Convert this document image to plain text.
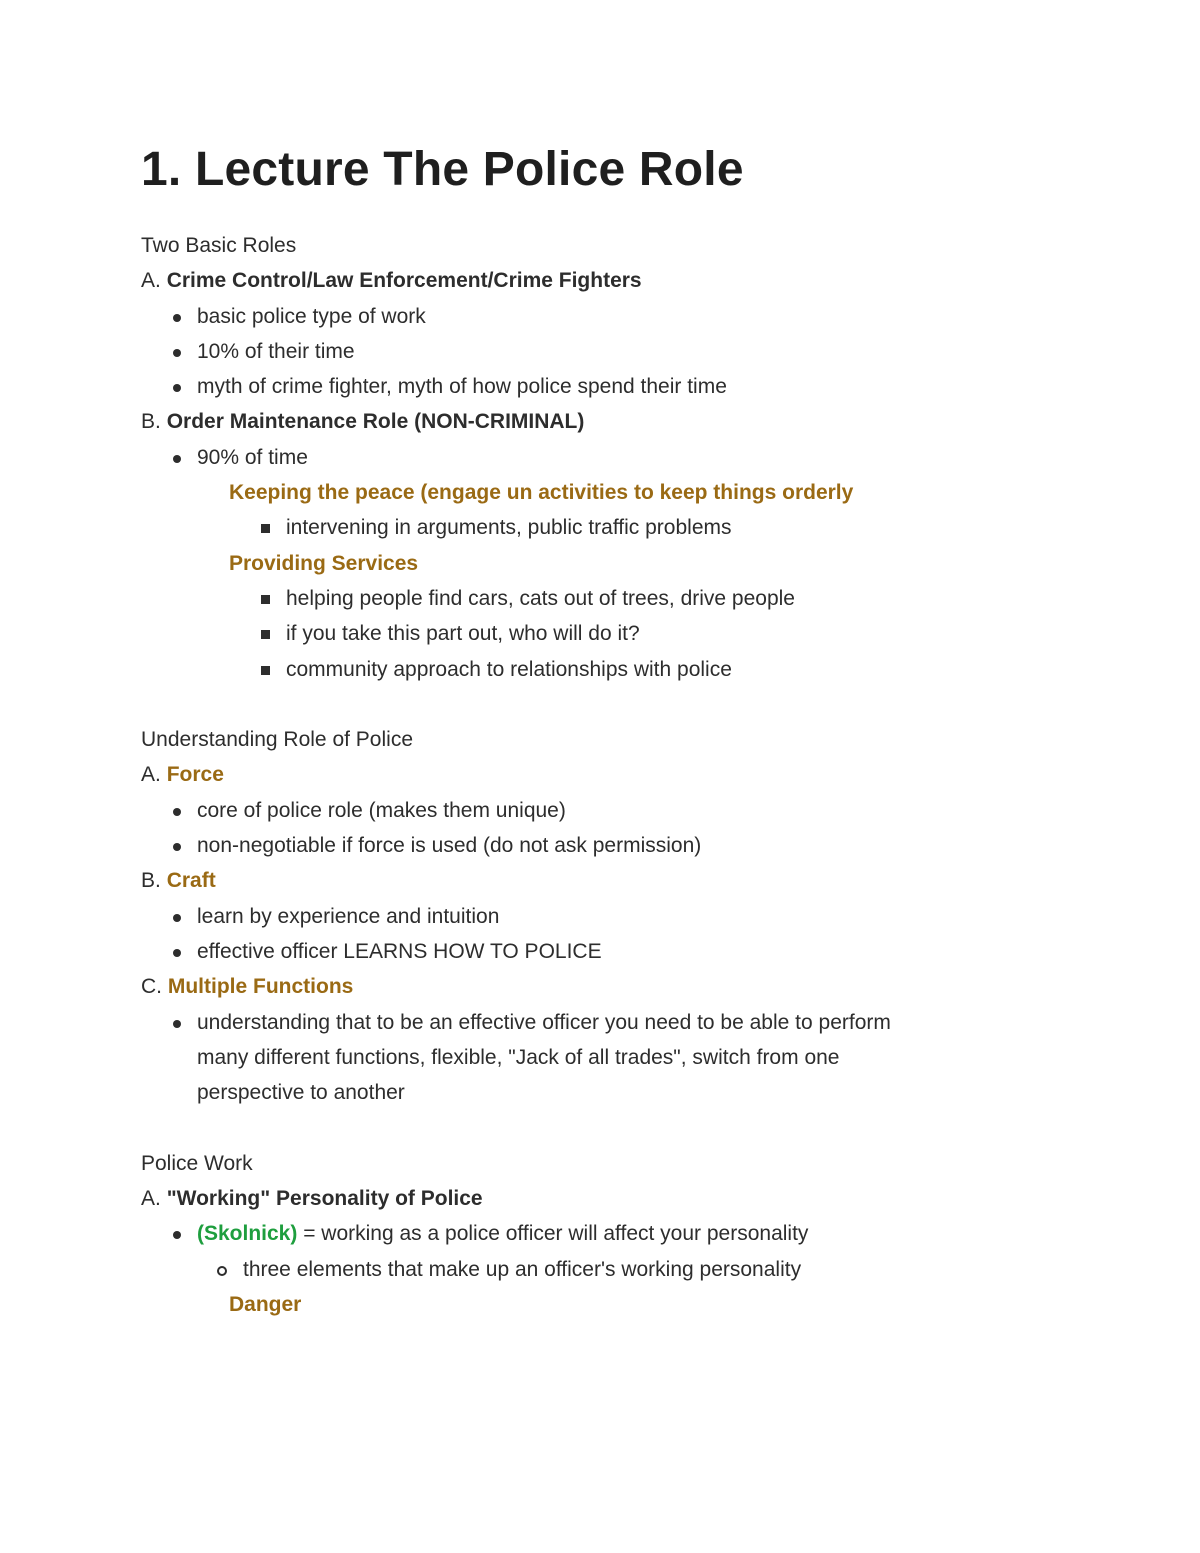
1. Lecture The Police Role
Two Basic Roles
A. Crime Control/Law Enforcement/Crime Fighters
basic police type of work
10% of their time
myth of crime fighter, myth of how police spend their time
B. Order Maintenance Role (NON-CRIMINAL)
90% of time
Keeping the peace (engage un activities to keep things orderly
intervening in arguments, public traffic problems
Providing Services
helping people find cars, cats out of trees, drive people
if you take this part out, who will do it?
community approach to relationships with police
Understanding Role of Police
A. Force
core of police role (makes them unique)
non-negotiable if force is used (do not ask permission)
B. Craft
learn by experience and intuition
effective officer LEARNS HOW TO POLICE
C. Multiple Functions
understanding that to be an effective officer you need to be able to perform
many different functions, flexible, "Jack of all trades", switch from one
perspective to another
Police Work
A. "Working" Personality of Police
(Skolnick) = working as a police officer will affect your personality
three elements that make up an officer's working personality
Danger
